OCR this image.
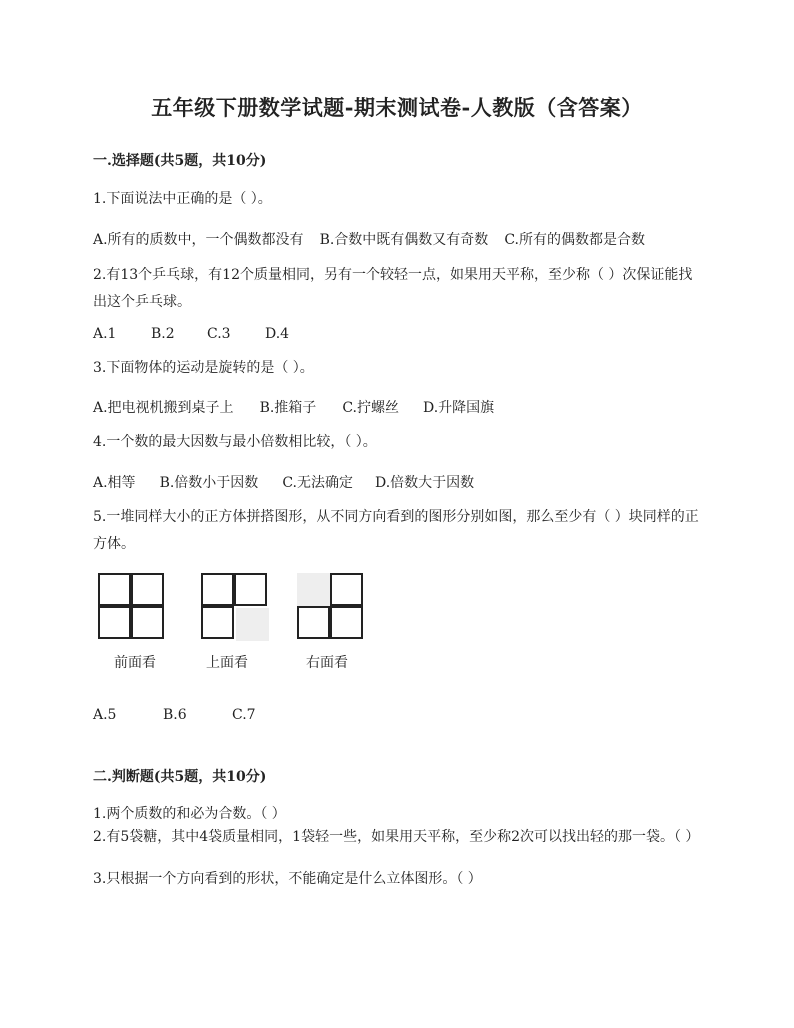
五年级下册数学试题-期末测试卷-人教版（含答案）
一.选择题(共5题，共10分)
1.下面说法中正确的是（ ）。
A.所有的质数中，一个偶数都没有 B.合数中既有偶数又有奇数 C.所有的偶数都是合数
2.有13个乒乓球，有12个质量相同，另有一个较轻一点，如果用天平称，至少称（ ）次保证能找出这个乒乓球。
A.1 B.2 C.3 D.4
3.下面物体的运动是旋转的是（ ）。
A.把电视机搬到桌子上 B.推箱子 C.拧螺丝 D.升降国旗
4.一个数的最大因数与最小倍数相比较，（ ）。
A.相等 B.倍数小于因数 C.无法确定 D.倍数大于因数
5.一堆同样大小的正方体拼搭图形，从不同方向看到的图形分别如图，那么至少有（ ）块同样的正方体。
前面看	上面看	右面看
A.5	B.6	C.7
二.判断题(共5题，共10分)
1.两个质数的和必为合数。（ ）
2.有5袋糖，其中4袋质量相同，1袋轻一些，如果用天平称，至少称2次可以找出轻的那一袋。（ ）
3.只根据一个方向看到的形状，不能确定是什么立体图形。（ ）
